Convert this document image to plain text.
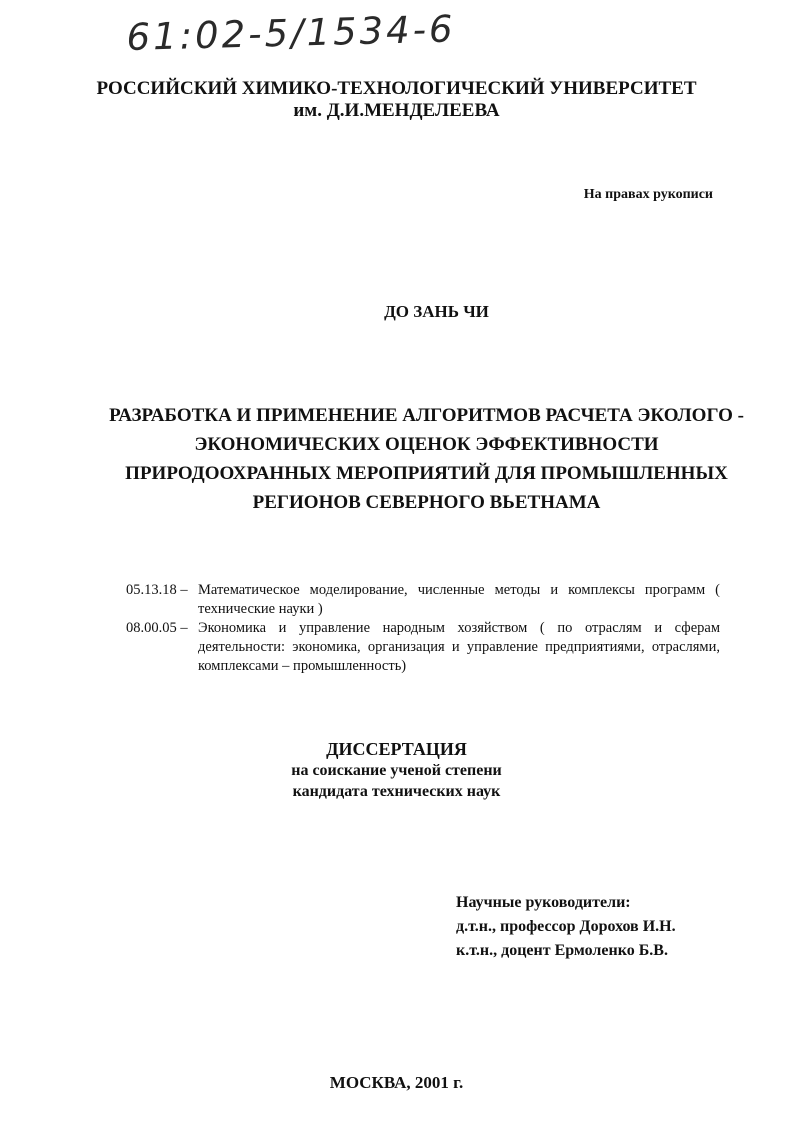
61:02-5/1534-6
РОССИЙСКИЙ ХИМИКО-ТЕХНОЛОГИЧЕСКИЙ УНИВЕРСИТЕТ
им. Д.И.МЕНДЕЛЕЕВА
На правах рукописи
ДО ЗАНЬ ЧИ
РАЗРАБОТКА И ПРИМЕНЕНИЕ АЛГОРИТМОВ РАСЧЕТА ЭКОЛОГО -
ЭКОНОМИЧЕСКИХ ОЦЕНОК ЭФФЕКТИВНОСТИ
ПРИРОДООХРАННЫХ МЕРОПРИЯТИЙ ДЛЯ ПРОМЫШЛЕННЫХ
РЕГИОНОВ СЕВЕРНОГО ВЬЕТНАМА
05.13.18 – Математическое моделирование, численные методы и комплексы программ ( технические науки )
08.00.05 – Экономика и управление народным хозяйством ( по отраслям и сферам деятельности: экономика, организация и управление предприятиями, отраслями, комплексами – промышленность)
ДИССЕРТАЦИЯ
на соискание ученой степени
кандидата технических наук
Научные руководители:
д.т.н., профессор Дорохов И.Н.
к.т.н., доцент Ермоленко Б.В.
МОСКВА, 2001 г.
